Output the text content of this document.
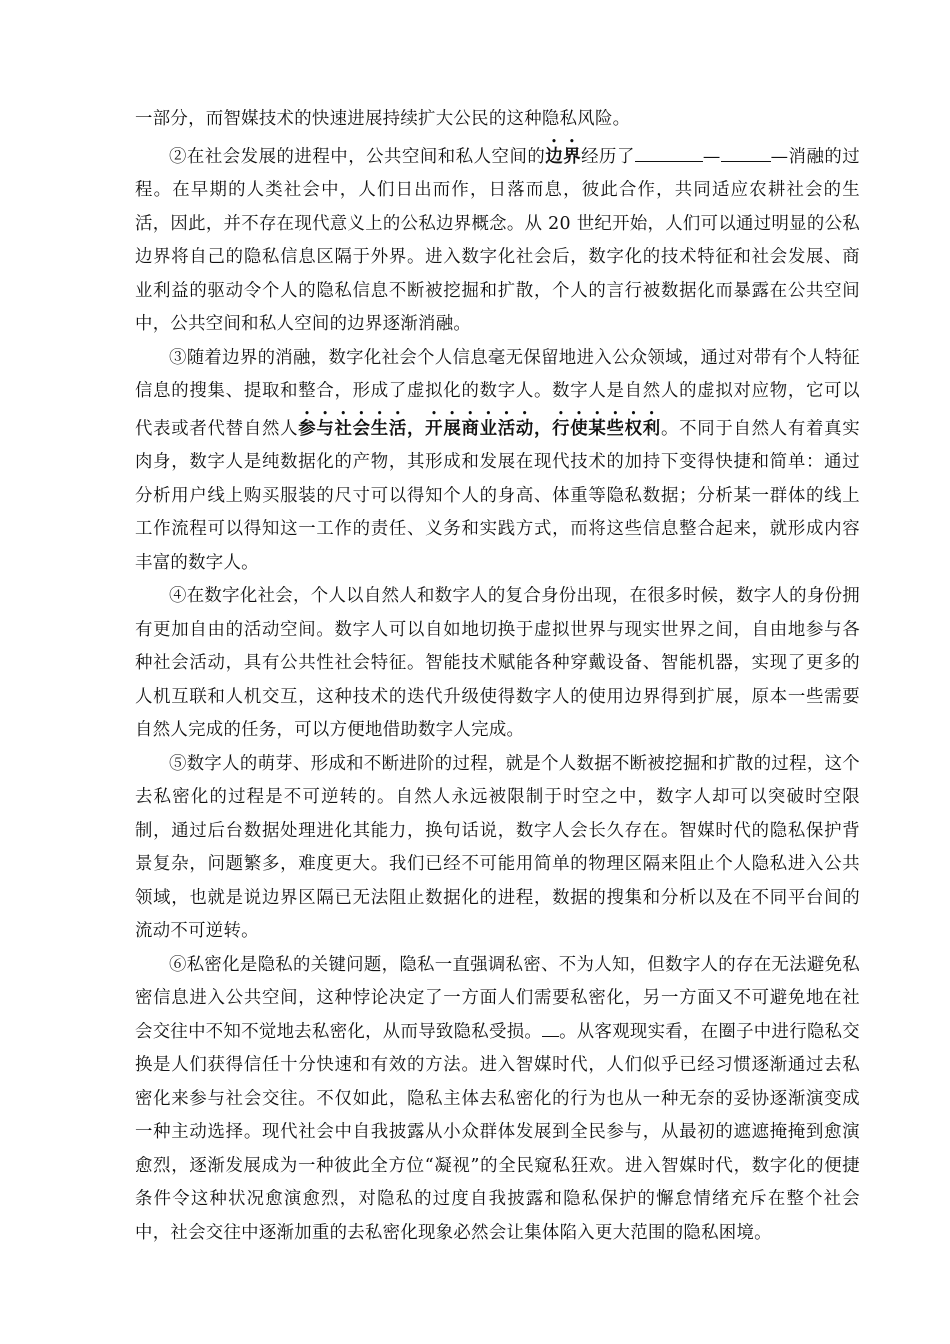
一部分，而智媒技术的快速进展持续扩大公民的这种隐私风险。

②在社会发展的进程中，公共空间和私人空间的边界经历了	—	—消融的过程。在早期的人类社会中，人们日出而作，日落而息，彼此合作，共同适应农耕社会的生活，因此，并不存在现代意义上的公私边界概念。从 20 世纪开始，人们可以通过明显的公私边界将自己的隐私信息区隔于外界。进入数字化社会后，数字化的技术特征和社会发展、商业利益的驱动令个人的隐私信息不断被挖掘和扩散，个人的言行被数据化而暴露在公共空间中，公共空间和私人空间的边界逐渐消融。

③随着边界的消融，数字化社会个人信息毫无保留地进入公众领域，通过对带有个人特征信息的搜集、提取和整合，形成了虚拟化的数字人。数字人是自然人的虚拟对应物，它可以代表或者代替自然人参与社会生活，开展商业活动，行使某些权利。不同于自然人有着真实肉身，数字人是纯数据化的产物，其形成和发展在现代技术的加持下变得快捷和简单：通过分析用户线上购买服装的尺寸可以得知个人的身高、体重等隐私数据；分析某一群体的线上工作流程可以得知这一工作的责任、义务和实践方式，而将这些信息整合起来，就形成内容丰富的数字人。

④在数字化社会，个人以自然人和数字人的复合身份出现，在很多时候，数字人的身份拥有更加自由的活动空间。数字人可以自如地切换于虚拟世界与现实世界之间，自由地参与各种社会活动，具有公共性社会特征。智能技术赋能各种穿戴设备、智能机器，实现了更多的人机互联和人机交互，这种技术的迭代升级使得数字人的使用边界得到扩展，原本一些需要自然人完成的任务，可以方便地借助数字人完成。

⑤数字人的萌芽、形成和不断进阶的过程，就是个人数据不断被挖掘和扩散的过程，这个去私密化的过程是不可逆转的。自然人永远被限制于时空之中，数字人却可以突破时空限制，通过后台数据处理进化其能力，换句话说，数字人会长久存在。智媒时代的隐私保护背景复杂，问题繁多，难度更大。我们已经不可能用简单的物理区隔来阻止个人隐私进入公共领域，也就是说边界区隔已无法阻止数据化的进程，数据的搜集和分析以及在不同平台间的流动不可逆转。

⑥私密化是隐私的关键问题，隐私一直强调私密、不为人知，但数字人的存在无法避免私密信息进入公共空间，这种悖论决定了一方面人们需要私密化，另一方面又不可避免地在社会交往中不知不觉地去私密化，从而导致隐私受损。 。从客观现实看，在圈子中进行隐私交换是人们获得信任十分快速和有效的方法。进入智媒时代，人们似乎已经习惯逐渐通过去私密化来参与社会交往。不仅如此，隐私主体去私密化的行为也从一种无奈的妥协逐渐演变成一种主动选择。现代社会中自我披露从小众群体发展到全民参与，从最初的遮遮掩掩到愈演愈烈，逐渐发展成为一种彼此全方位“凝视”的全民窥私狂欢。进入智媒时代，数字化的便捷条件令这种状况愈演愈烈，对隐私的过度自我披露和隐私保护的懈怠情绪充斥在整个社会中，社会交往中逐渐加重的去私密化现象必然会让集体陷入更大范围的隐私困境。
